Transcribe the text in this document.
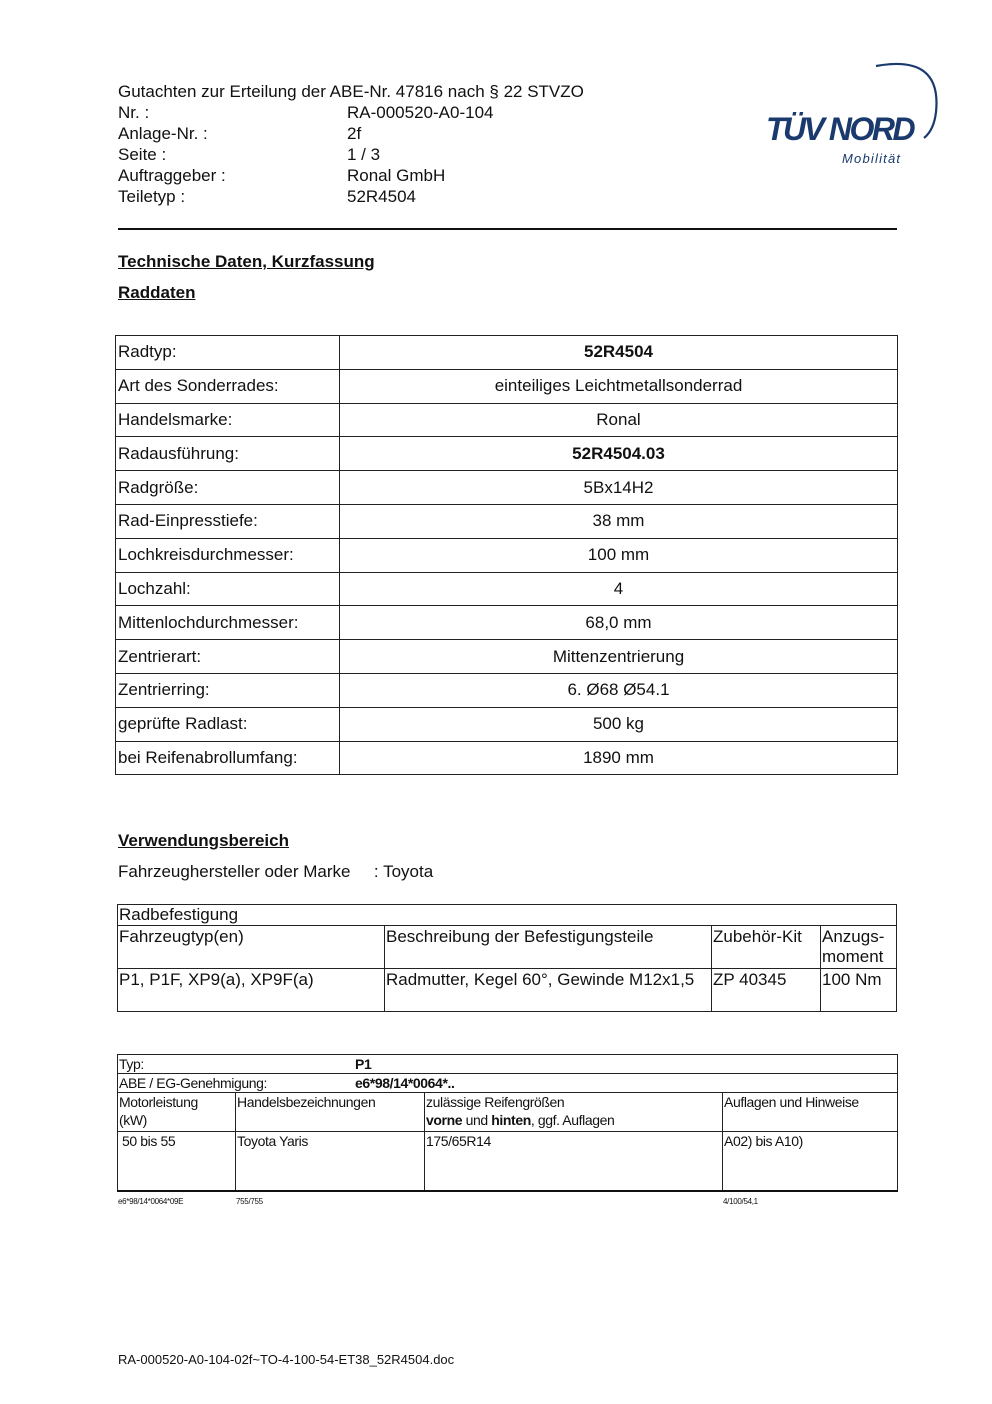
Gutachten zur Erteilung der ABE-Nr. 47816 nach § 22 STVZO
Nr. :	RA-000520-A0-104
Anlage-Nr. :	2f
Seite :	1 / 3
Auftraggeber :	Ronal GmbH
Teiletyp :	52R4504
TÜV NORD
Mobilität
Technische Daten, Kurzfassung
Raddaten
Radtyp:	52R4504
Art des Sonderrades:	einteiliges Leichtmetallsonderrad
Handelsmarke:	Ronal
Radausführung:	52R4504.03
Radgröße:	5Bx14H2
Rad-Einpresstiefe:	38 mm
Lochkreisdurchmesser:	100 mm
Lochzahl:	4
Mittenlochdurchmesser:	68,0 mm
Zentrierart:	Mittenzentrierung
Zentrierring:	6. Ø68 Ø54.1
geprüfte Radlast:	500 kg
bei Reifenabrollumfang:	1890 mm
Verwendungsbereich
Fahrzeughersteller oder Marke : Toyota
Radbefestigung			
Fahrzeugtyp(en)	Beschreibung der Befestigungsteile	Zubehör-Kit	Anzugs-moment

P1, P1F, XP9(a), XP9F(a)	Radmutter, Kegel 60°, Gewinde M12x1,5	ZP 40345	100 Nm
Typ: P1			
ABE / EG-Genehmigung: e6*98/14*0064*..			

Motorleistung (kW)	Handelsbezeichnungen	zulässige Reifengrößen
vorne und hinten, ggf. Auflagen	Auflagen und Hinweise
50 bis 55	Toyota Yaris	175/65R14	A02) bis A10)
e6*98/14*0064*09E	755/755	4/100/54,1
RA-000520-A0-104-02f~TO-4-100-54-ET38_52R4504.doc
